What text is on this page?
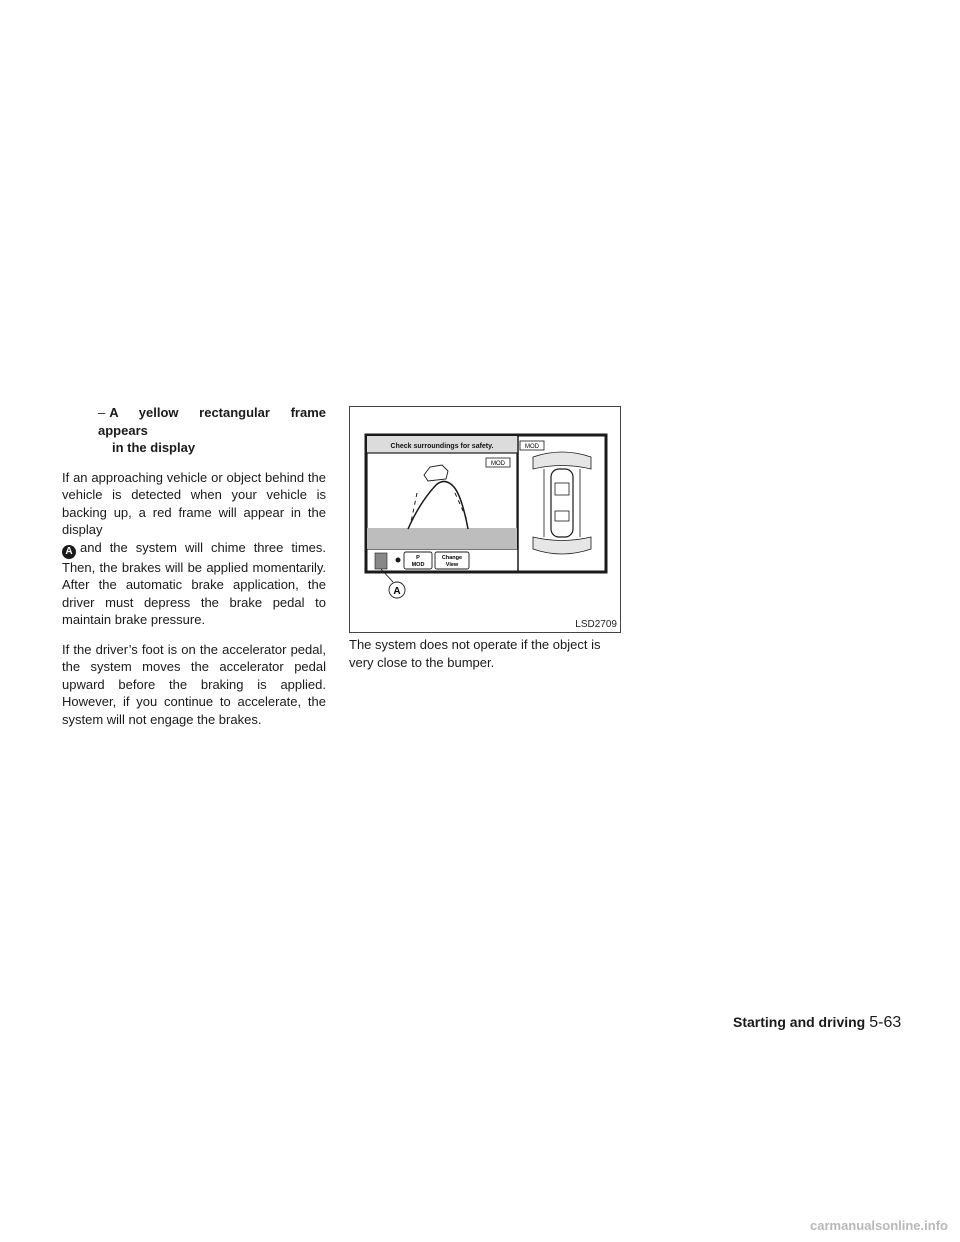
– A yellow rectangular frame appears
in the display

If an approaching vehicle or object behind the vehicle is detected when your vehicle is backing up, a red frame will appear in the display
A and the system will chime three times. Then, the brakes will be applied momentarily. After the automatic brake application, the driver must depress the brake pedal to maintain brake pressure.

If the driver’s foot is on the accelerator pedal, the system moves the accelerator pedal upward before the braking is applied. However, if you continue to accelerate, the system will not engage the brakes.

Check surroundings for safety.
MOD
P
MOD
Change
View
MOD
A
LSD2709
The system does not operate if the object is very close to the bumper.
Starting and driving 5-63
carmanualsonline.info
